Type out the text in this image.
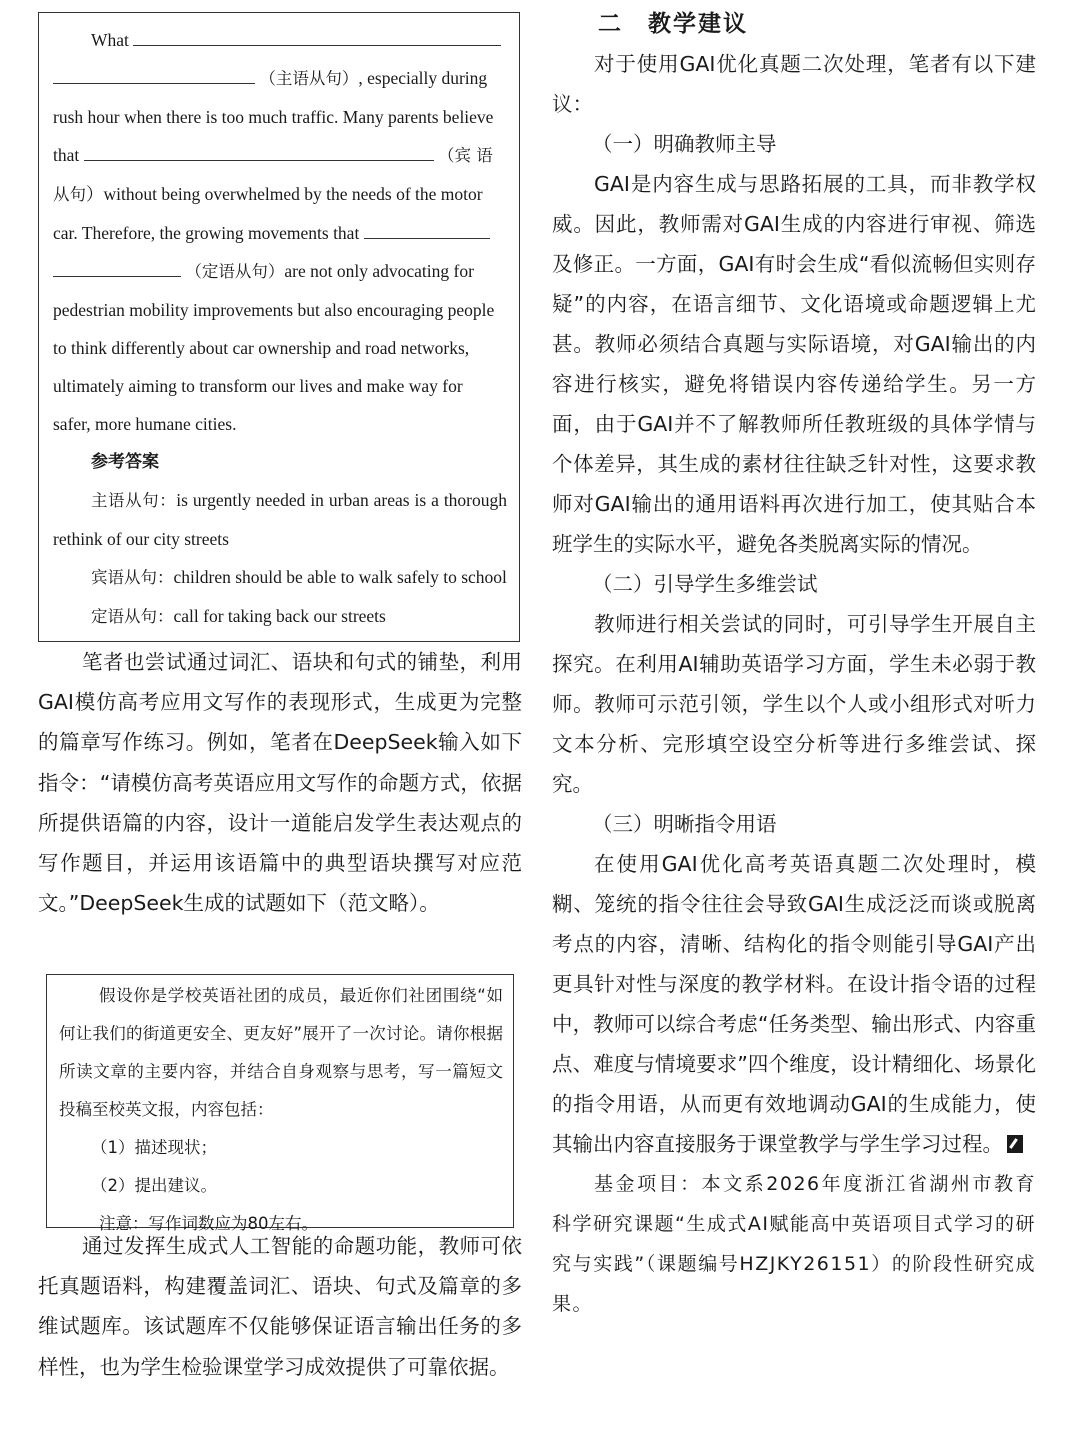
What

（主语从句）, especially during

rush hour when there is too much traffic. Many parents believe

that	（宾 语

从句）without being overwhelmed by the needs of the motor

car. Therefore, the growing movements that

（定语从句）are not only advocating for

pedestrian mobility improvements but also encouraging people

to think differently about car ownership and road networks,

ultimately aiming to transform our lives and make way for

safer, more humane cities.

参考答案

主语从句：is urgently needed in urban areas is a thorough rethink of our city streets

宾语从句：children should be able to walk safely to school

定语从句：call for taking back our streets

笔者也尝试通过词汇、语块和句式的铺垫，利用GAI模仿高考应用文写作的表现形式，生成更为完整的篇章写作练习。例如，笔者在DeepSeek输入如下指令：“请模仿高考英语应用文写作的命题方式，依据所提供语篇的内容，设计一道能启发学生表达观点的写作题目，并运用该语篇中的典型语块撰写对应范文。”DeepSeek生成的试题如下（范文略）。

假设你是学校英语社团的成员，最近你们社团围绕“如何让我们的街道更安全、更友好”展开了一次讨论。请你根据所读文章的主要内容，并结合自身观察与思考，写一篇短文投稿至校英文报，内容包括：

（1）描述现状；

（2）提出建议。

注意：写作词数应为80左右。

通过发挥生成式人工智能的命题功能，教师可依托真题语料，构建覆盖词汇、语块、句式及篇章的多维试题库。该试题库不仅能够保证语言输出任务的多样性，也为学生检验课堂学习成效提供了可靠依据。

二　教学建议

对于使用GAI优化真题二次处理，笔者有以下建议：

（一）明确教师主导

GAI是内容生成与思路拓展的工具，而非教学权威。因此，教师需对GAI生成的内容进行审视、筛选及修正。一方面，GAI有时会生成“看似流畅但实则存疑”的内容，在语言细节、文化语境或命题逻辑上尤甚。教师必须结合真题与实际语境，对GAI输出的内容进行核实，避免将错误内容传递给学生。另一方面，由于GAI并不了解教师所任教班级的具体学情与个体差异，其生成的素材往往缺乏针对性，这要求教师对GAI输出的通用语料再次进行加工，使其贴合本班学生的实际水平，避免各类脱离实际的情况。

（二）引导学生多维尝试

教师进行相关尝试的同时，可引导学生开展自主探究。在利用AI辅助英语学习方面，学生未必弱于教师。教师可示范引领，学生以个人或小组形式对听力文本分析、完形填空设空分析等进行多维尝试、探究。

（三）明晰指令用语

在使用GAI优化高考英语真题二次处理时，模糊、笼统的指令往往会导致GAI生成泛泛而谈或脱离考点的内容，清晰、结构化的指令则能引导GAI产出更具针对性与深度的教学材料。在设计指令语的过程中，教师可以综合考虑“任务类型、输出形式、内容重点、难度与情境要求”四个维度，设计精细化、场景化的指令用语，从而更有效地调动GAI的生成能力，使其输出内容直接服务于课堂教学与学生学习过程。

基金项目：本文系2026年度浙江省湖州市教育科学研究课题“生成式AI赋能高中英语项目式学习的研究与实践”（课题编号HZJKY26151）的阶段性研究成果。
